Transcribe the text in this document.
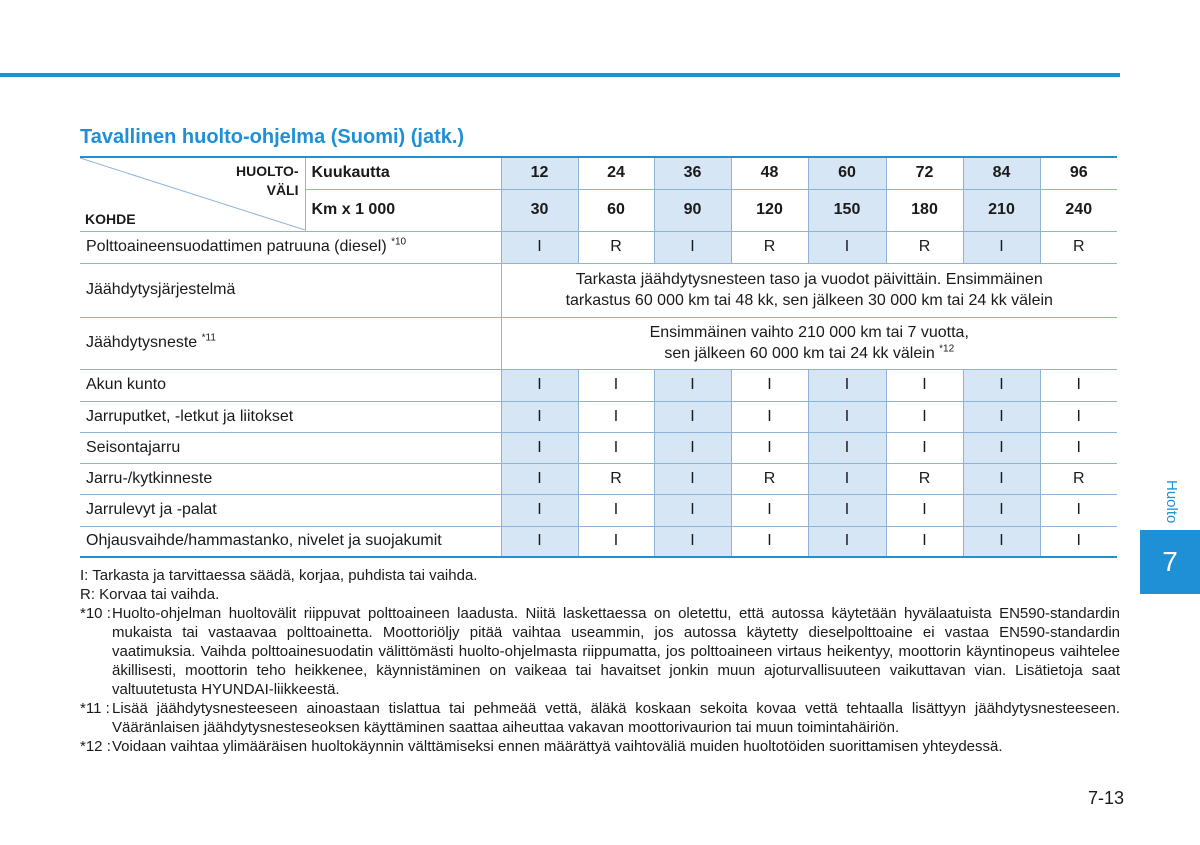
Tavallinen huolto-ohjelma (Suomi) (jatk.)
HUOLTO-
VÄLI
KOHDE	Kuukautta	12	24	36	48	60	72	84	96
	Km x 1 000	30	60	90	120	150	180	210	240
Polttoaineensuodattimen patruuna (diesel) $^{*10}$		I	R	I	R	I	R	I	R
Jäähdytysjärjestelmä		Tarkasta jäähdytysnesteen taso ja vuodot päivittäin. Ensimmäinen
tarkastus 60 000 km tai 48 kk, sen jälkeen 30 000 km tai 24 kk välein							

Jäähdytysneste $^{*11}$		Ensimmäinen vaihto 210 000 km tai 7 vuotta,
sen jälkeen 60 000 km tai 24 kk välein $^{*12}$

Akun kunto		I	I	I	I	I	I	I	I
Jarruputket, -letkut ja liitokset		I	I	I	I	I	I	I	I
Seisontajarru		I	I	I	I	I	I	I	I
Jarru-/kytkinneste		I	R	I	R	I	R	I	R
Jarrulevyt ja -palat		I	I	I	I	I	I	I	I
Ohjausvaihde/hammastanko, nivelet ja suojakumit		I	I	I	I	I	I	I	I
I: Tarkasta ja tarvittaessa säädä, korjaa, puhdista tai vaihda.
R: Korvaa tai vaihda.
*10 : Huolto-ohjelman huoltovälit riippuvat polttoaineen laadusta. Niitä laskettaessa on oletettu, että autossa käytetään hyvälaatuista EN590-standardin mukaista tai vastaavaa polttoainetta. Moottoriöljy pitää vaihtaa useammin, jos autossa käytetty dieselpolttoaine ei vastaa EN590-standardin vaatimuksia. Vaihda polttoainesuodatin välittömästi huolto-ohjelmasta riippumatta, jos polttoaineen virtaus heikentyy, moottorin käyntinopeus vaihtelee äkillisesti, moottorin teho heikkenee, käynnistäminen on vaikeaa tai havaitset jonkin muun ajoturvallisuuteen vaikuttavan vian. Lisätietoja saat valtuutetusta HYUNDAI-liikkeestä.
*11 : Lisää jäähdytysnesteeseen ainoastaan tislattua tai pehmeää vettä, äläkä koskaan sekoita kovaa vettä tehtaalla lisättyyn jäähdytysnesteeseen. Vääränlaisen jäähdytysnesteseoksen käyttäminen saattaa aiheuttaa vakavan moottorivaurion tai muun toimintahäiriön.
*12 : Voidaan vaihtaa ylimääräisen huoltokäynnin välttämiseksi ennen määrättyä vaihtoväliä muiden huoltotöiden suorittamisen yhteydessä.
Huolto
7
7-13
